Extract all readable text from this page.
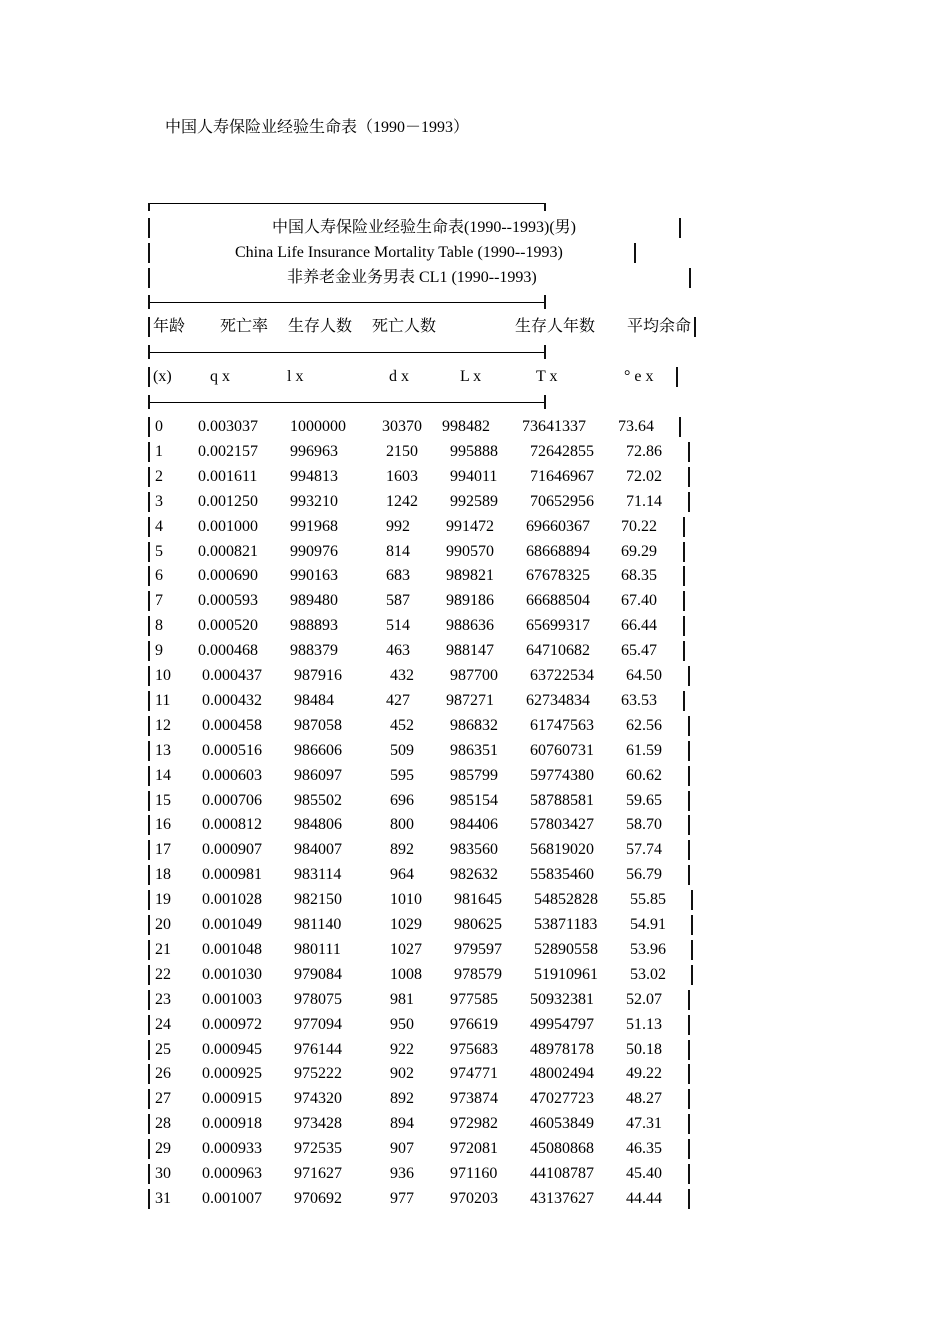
中国人寿保险业经验生命表（1990－1993）
中国人寿保险业经验生命表(1990--1993)(男)
China Life Insurance Mortality Table (1990--1993)
非养老金业务男表 CL1 (1990--1993)
年龄 死亡率 生存人数 死亡人数	生存人年数 平均余命
(x) q x	l x	d x	L x	T x	° e x
0 0.003037 1000000 30370 998482 73641337 73.64
1 0.002157 996963	2150 995888 72642855 72.86
2 0.001611 994813	1603 994011 71646967 72.02
3 0.001250 993210	1242 992589 70652956 71.14
4 0.001000 991968	992 991472 69660367 70.22
5 0.000821 990976	814 990570 68668894 69.29
6 0.000690 990163	683 989821 67678325 68.35
7 0.000593 989480	587 989186 66688504 67.40
8 0.000520 988893	514 988636 65699317 66.44
9 0.000468 988379	463 988147 64710682 65.47
10 0.000437 987916	432 987700 63722534 64.50
11 0.000432 98484	427 987271 62734834 63.53
12 0.000458 987058	452 986832 61747563 62.56
13 0.000516 986606	509 986351 60760731 61.59
14 0.000603 986097	595 985799 59774380 60.62
15 0.000706 985502	696 985154 58788581 59.65
16 0.000812 984806	800 984406 57803427 58.70
17 0.000907 984007	892 983560 56819020 57.74
18 0.000981 983114	964 982632 55835460 56.79
19 0.001028 982150	1010 981645 54852828 55.85
20 0.001049 981140	1029 980625 53871183 54.91
21 0.001048 980111	1027 979597 52890558 53.96
22 0.001030 979084	1008 978579 51910961 53.02
23 0.001003 978075	981 977585 50932381 52.07
24 0.000972 977094	950 976619 49954797 51.13
25 0.000945 976144	922 975683 48978178 50.18
26 0.000925 975222	902 974771 48002494 49.22
27 0.000915 974320	892 973874 47027723 48.27
28 0.000918 973428	894 972982 46053849 47.31
29 0.000933 972535	907 972081 45080868 46.35
30 0.000963 971627	936 971160 44108787 45.40
31 0.001007 970692	977 970203 43137627 44.44
